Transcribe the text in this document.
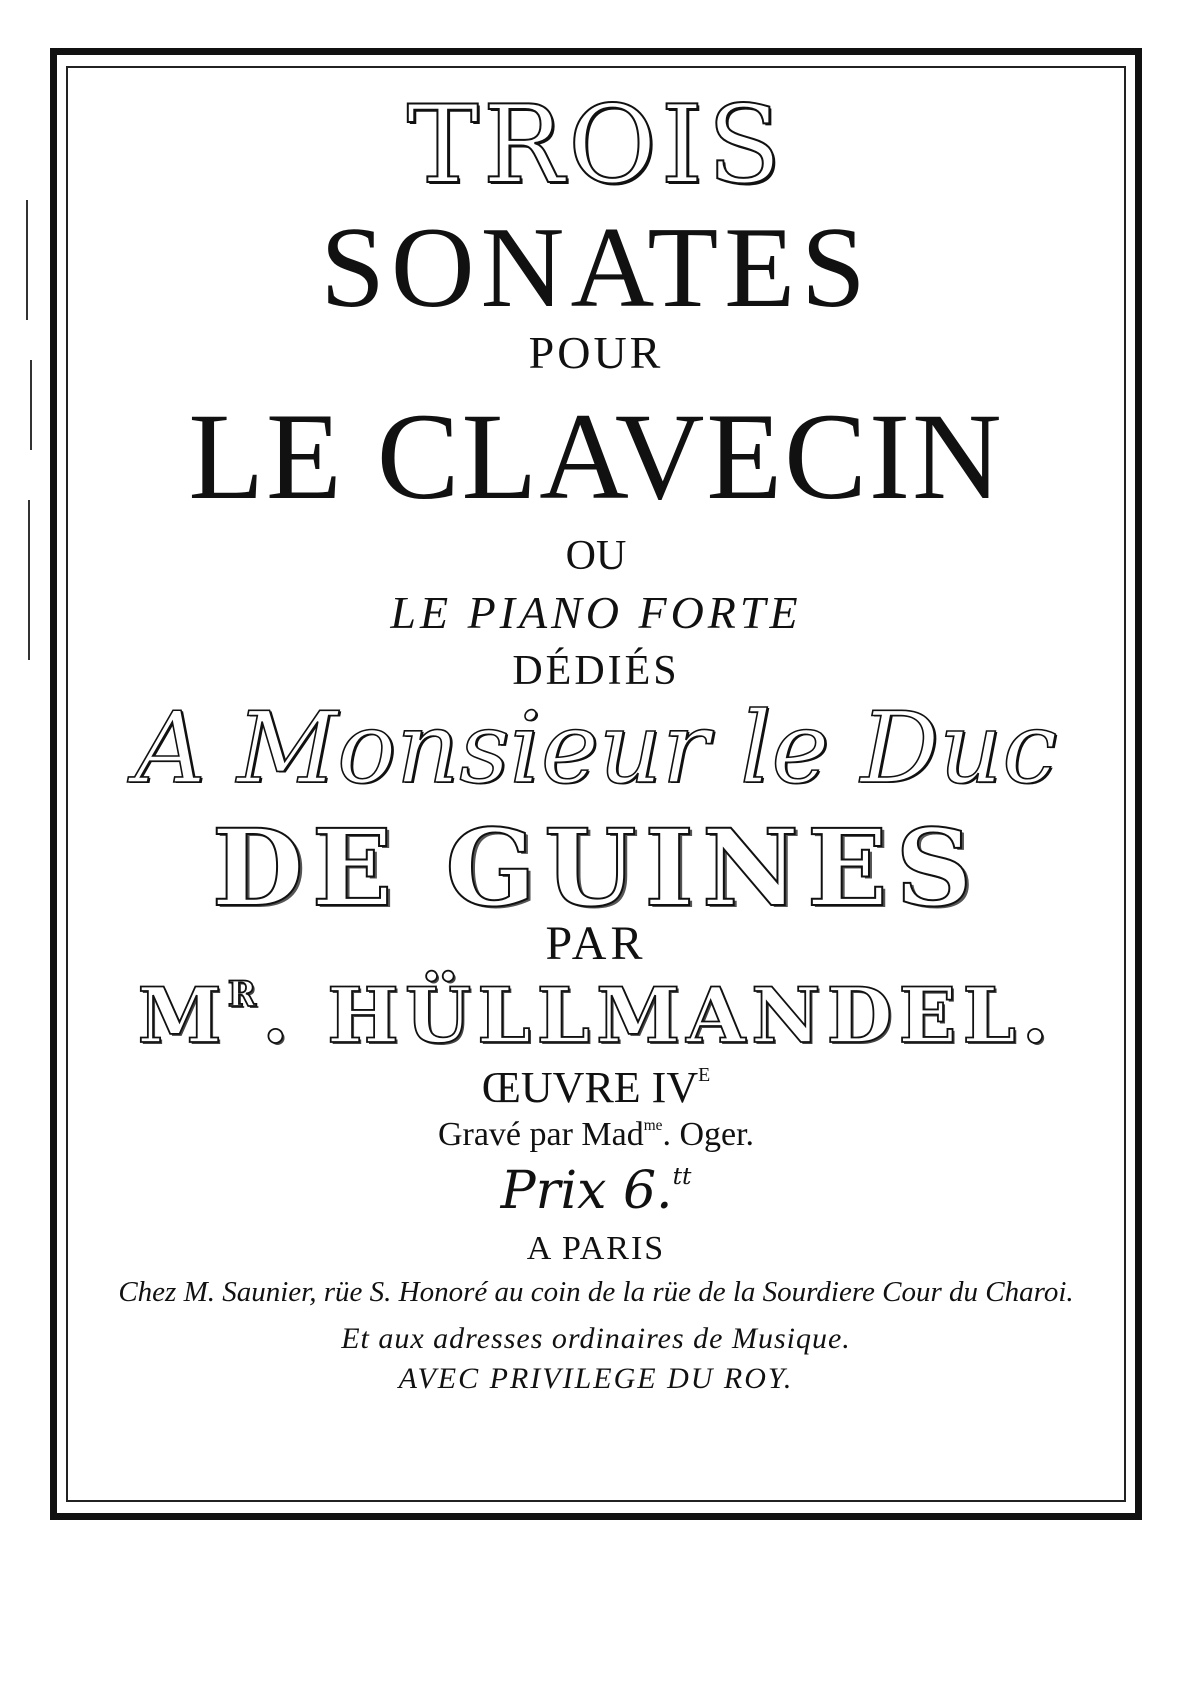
TROIS
SONATES
POUR
LE CLAVECIN
OU
LE PIANO FORTE
DÉDIÉS
A Monsieur le Duc
DE GUINES
PAR
$M^R$. HÜLLMANDEL.
ŒUVRE $IV^E$
Gravé par Mad$^{me}$. Oger.
Prix 6.$^{tt}$
A PARIS
Chez M. Saunier, rüe S. Honoré au coin de la rüe de la Sourdiere Cour du Charoi.
Et aux adresses ordinaires de Musique.
AVEC PRIVILEGE DU ROY.
